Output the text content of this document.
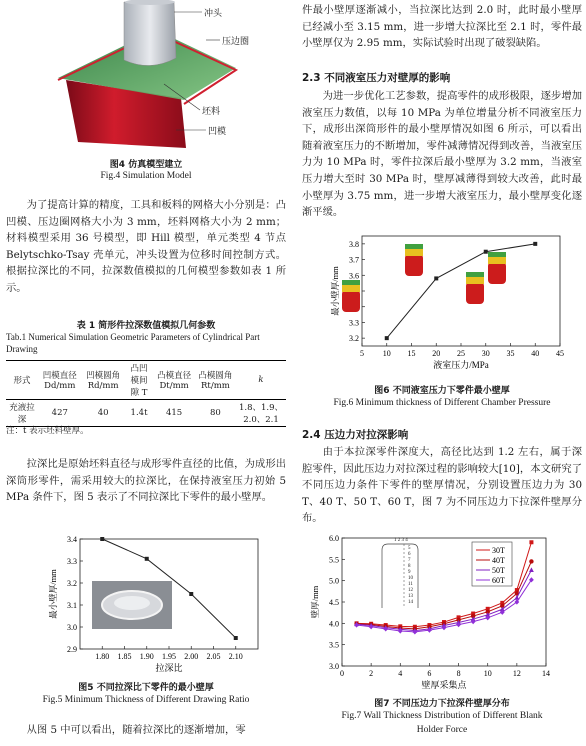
冲头
压边圈
坯料
凹模
图4 仿真模型建立
Fig.4 Simulation Model

为了提高计算的精度，工具和板料的网格大小分别是：凸凹模、压边圈网格大小为 3 mm，坯料网格大小为 2 mm；材料模型采用 36 号模型，即 Hill 模型，单元类型 4 节点 Belytschko-Tsay 壳单元，冲头设置为位移时间控制方式。根据拉深比的不同，拉深数值模拟的几何模型参数如表 1 所示。

表 1 简形件拉深数值模拟几何参数
Tab.1 Numerical Simulation Geometric Parameters of Cylindrical Part Drawing
形式	凹模直径 Dd/mm	凹模圆角 Rd/mm	凸凹模间隙 T	凸模直径 Dt/mm	凸模圆角 Rt/mm	k
充液拉深	427	40	1.4t	415	80	1.8、1.9、2.0、2.1
注：t 表示坯料壁厚。

拉深比是原始坯料直径与成形零件直径的比值，为成形出深筒形零件，需采用较大的拉深比，在保持液室压力初始 5 MPa 条件下，图 5 表示了不同拉深比下零件的最小壁厚。

1.80 1.85 1.90 1.95 2.00 2.05 2.10
2.9
3.0
3.1
3.2
3.3
3.4
拉深比
最小壁厚/mm
图5 不同拉深比下零件的最小壁厚
Fig.5 Minimum Thickness of Different Drawing Ratio

从图 5 中可以看出，随着拉深比的逐渐增加，零

件最小壁厚逐渐减小，当拉深比达到 2.0 时，此时最小壁厚已经减小至 3.15 mm，进一步增大拉深比至 2.1 时，零件最小壁厚仅为 2.95 mm，实际试验时出现了破裂缺陷。

2.3 不同液室压力对壁厚的影响

为进一步优化工艺参数，提高零件的成形极限，逐步增加液室压力数值，以每 10 MPa 为单位增量分析不同液室压力下，成形出深筒形件的最小壁厚情况如图 6 所示，可以看出随着液室压力的不断增加，零件减薄情况得到改善，当液室压力为 10 MPa 时，零件拉深后最小壁厚为 3.2 mm，当液室压力增大至时 30 MPa 时，壁厚减薄得到较大改善，此时最小壁厚为 3.75 mm，进一步增大液室压力，最小壁厚变化逐渐平缓。

5 10 15 20 25 30 35 40 45
3.2
3.3
3.6
3.7
3.8
液室压力/MPa
最小壁厚/mm
图6 不同液室压力下零件最小壁厚
Fig.6 Minimum thickness of Different Chamber Pressure
2.4 压边力对拉深影响

由于本拉深零件深度大，高径比达到 1.2 左右，属于深腔零件，因此压边力对拉深过程的影响较大[10]，本文研究了不同压边力条件下零件的壁厚情况，分别设置压边力为 30 T、40 T、50 T、60 T，图 7 为不同压边力下拉深件壁厚分布。

0	2	4	6	8	10	12	14
3.0
3.5
4.0
4.5
5.0
5.5
6.0
壁厚采集点
壁厚/mm
30T
40T
50T
60T
1 2 3 4
5
6
7
8
9
10
11
12
13
14
图7 不同压边力下拉深件壁厚分布
Fig.7 Wall Thickness Distribution of Different Blank
Holder Force
